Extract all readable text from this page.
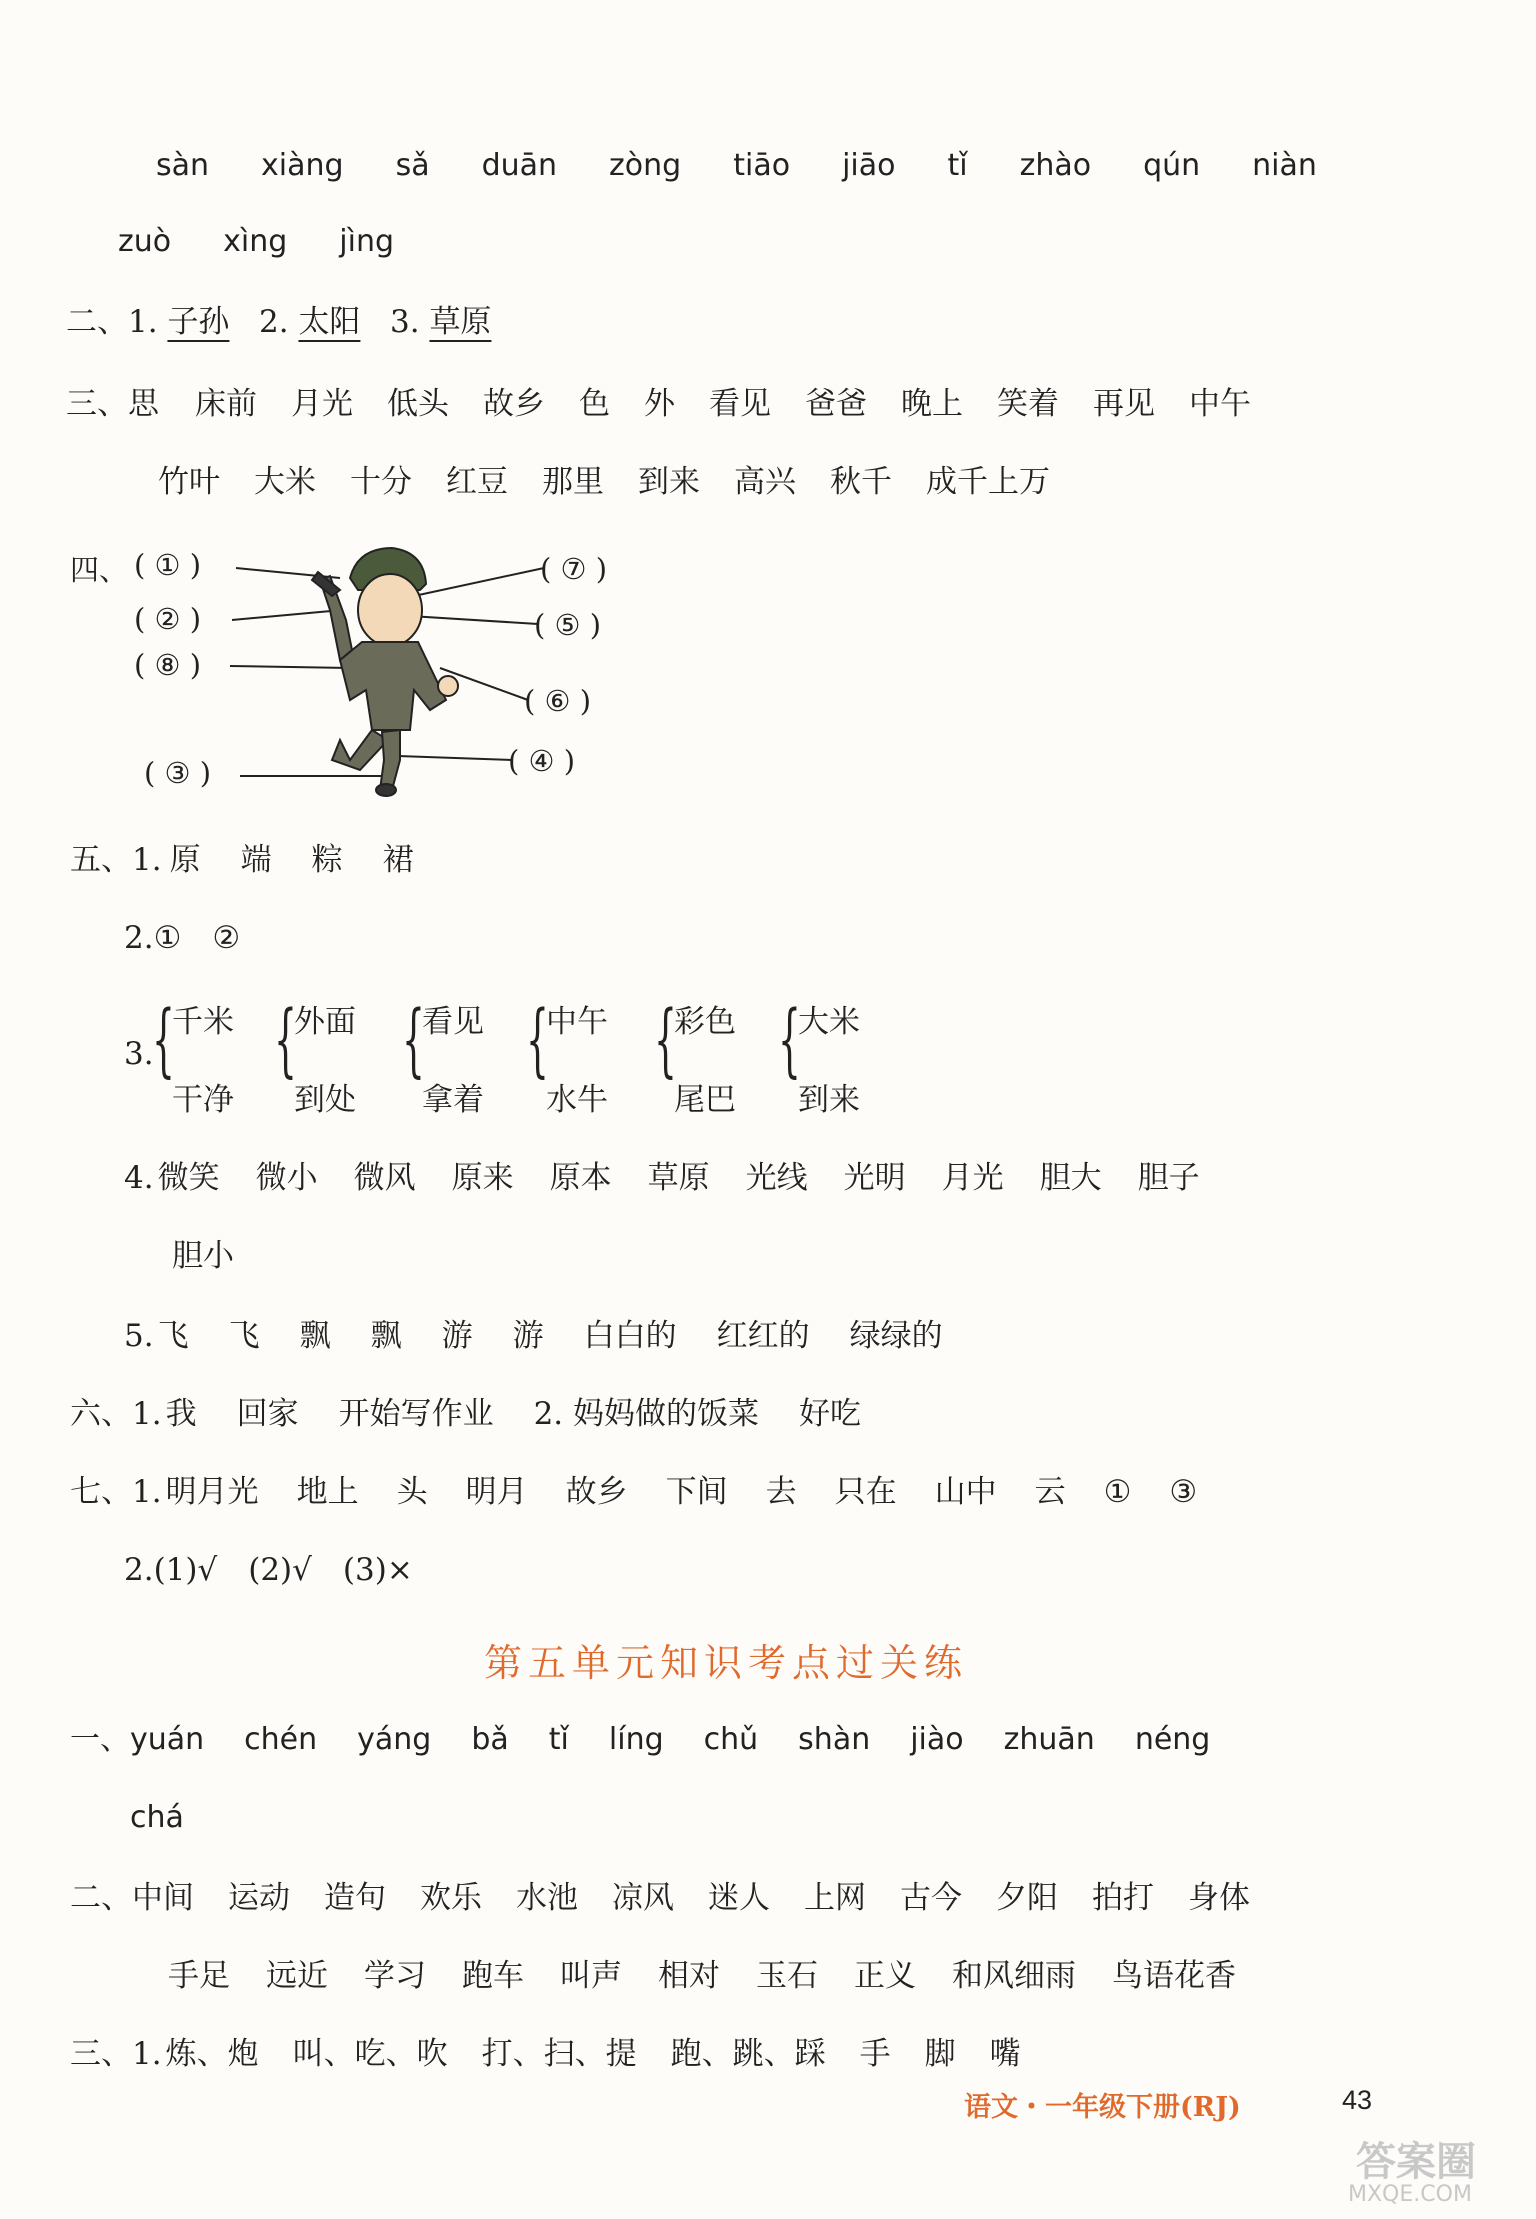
sàn xiàng sǎ duān zòng tiāo jiāo tǐ zhào qún niàn
zuò xìng jìng
二、1. 子孙 2. 太阳 3. 草原
三、思 床前 月光 低头 故乡 色 外 看见 爸爸 晚上 笑着 再见 中午
竹叶 大米 十分 红豆 那里 到来 高兴 秋千 成千上万
四、 ( ① )
( ② )
( ⑧ )
( ③ )
( ⑦ )
( ⑤ )
( ⑥ )
( ④ )
五、1. 原 端 粽 裙
2.①　②
3.
{
千米
干净
{
外面
到处
{
看见
拿着
{
中午
水牛
{
彩色
尾巴
{
大米
到来
4. 微笑 微小 微风 原来 原本 草原 光线 光明 月光 胆大 胆子
胆小
5. 飞 飞 飘 飘 游 游 白白的 红红的 绿绿的
六、1. 我 回家 开始写作业 2. 妈妈做的饭菜 好吃
七、1. 明月光 地上 头 明月 故乡 下间 去 只在 山中 云 ① ③
2.(1)√　(2)√　(3)×
第五单元知识考点过关练
一、yuán chén yáng bǎ tǐ líng chǔ shàn jiào zhuān néng
chá
二、中间 运动 造句 欢乐 水池 凉风 迷人 上网 古今 夕阳 拍打 身体
手足 远近 学习 跑车 叫声 相对 玉石 正义 和风细雨 鸟语花香
三、1. 炼、炮 叫、吃、吹 打、扫、提 跑、跳、踩 手 脚 嘴
语文・一年级下册(RJ)	43
答案圈
MXQE.COM
